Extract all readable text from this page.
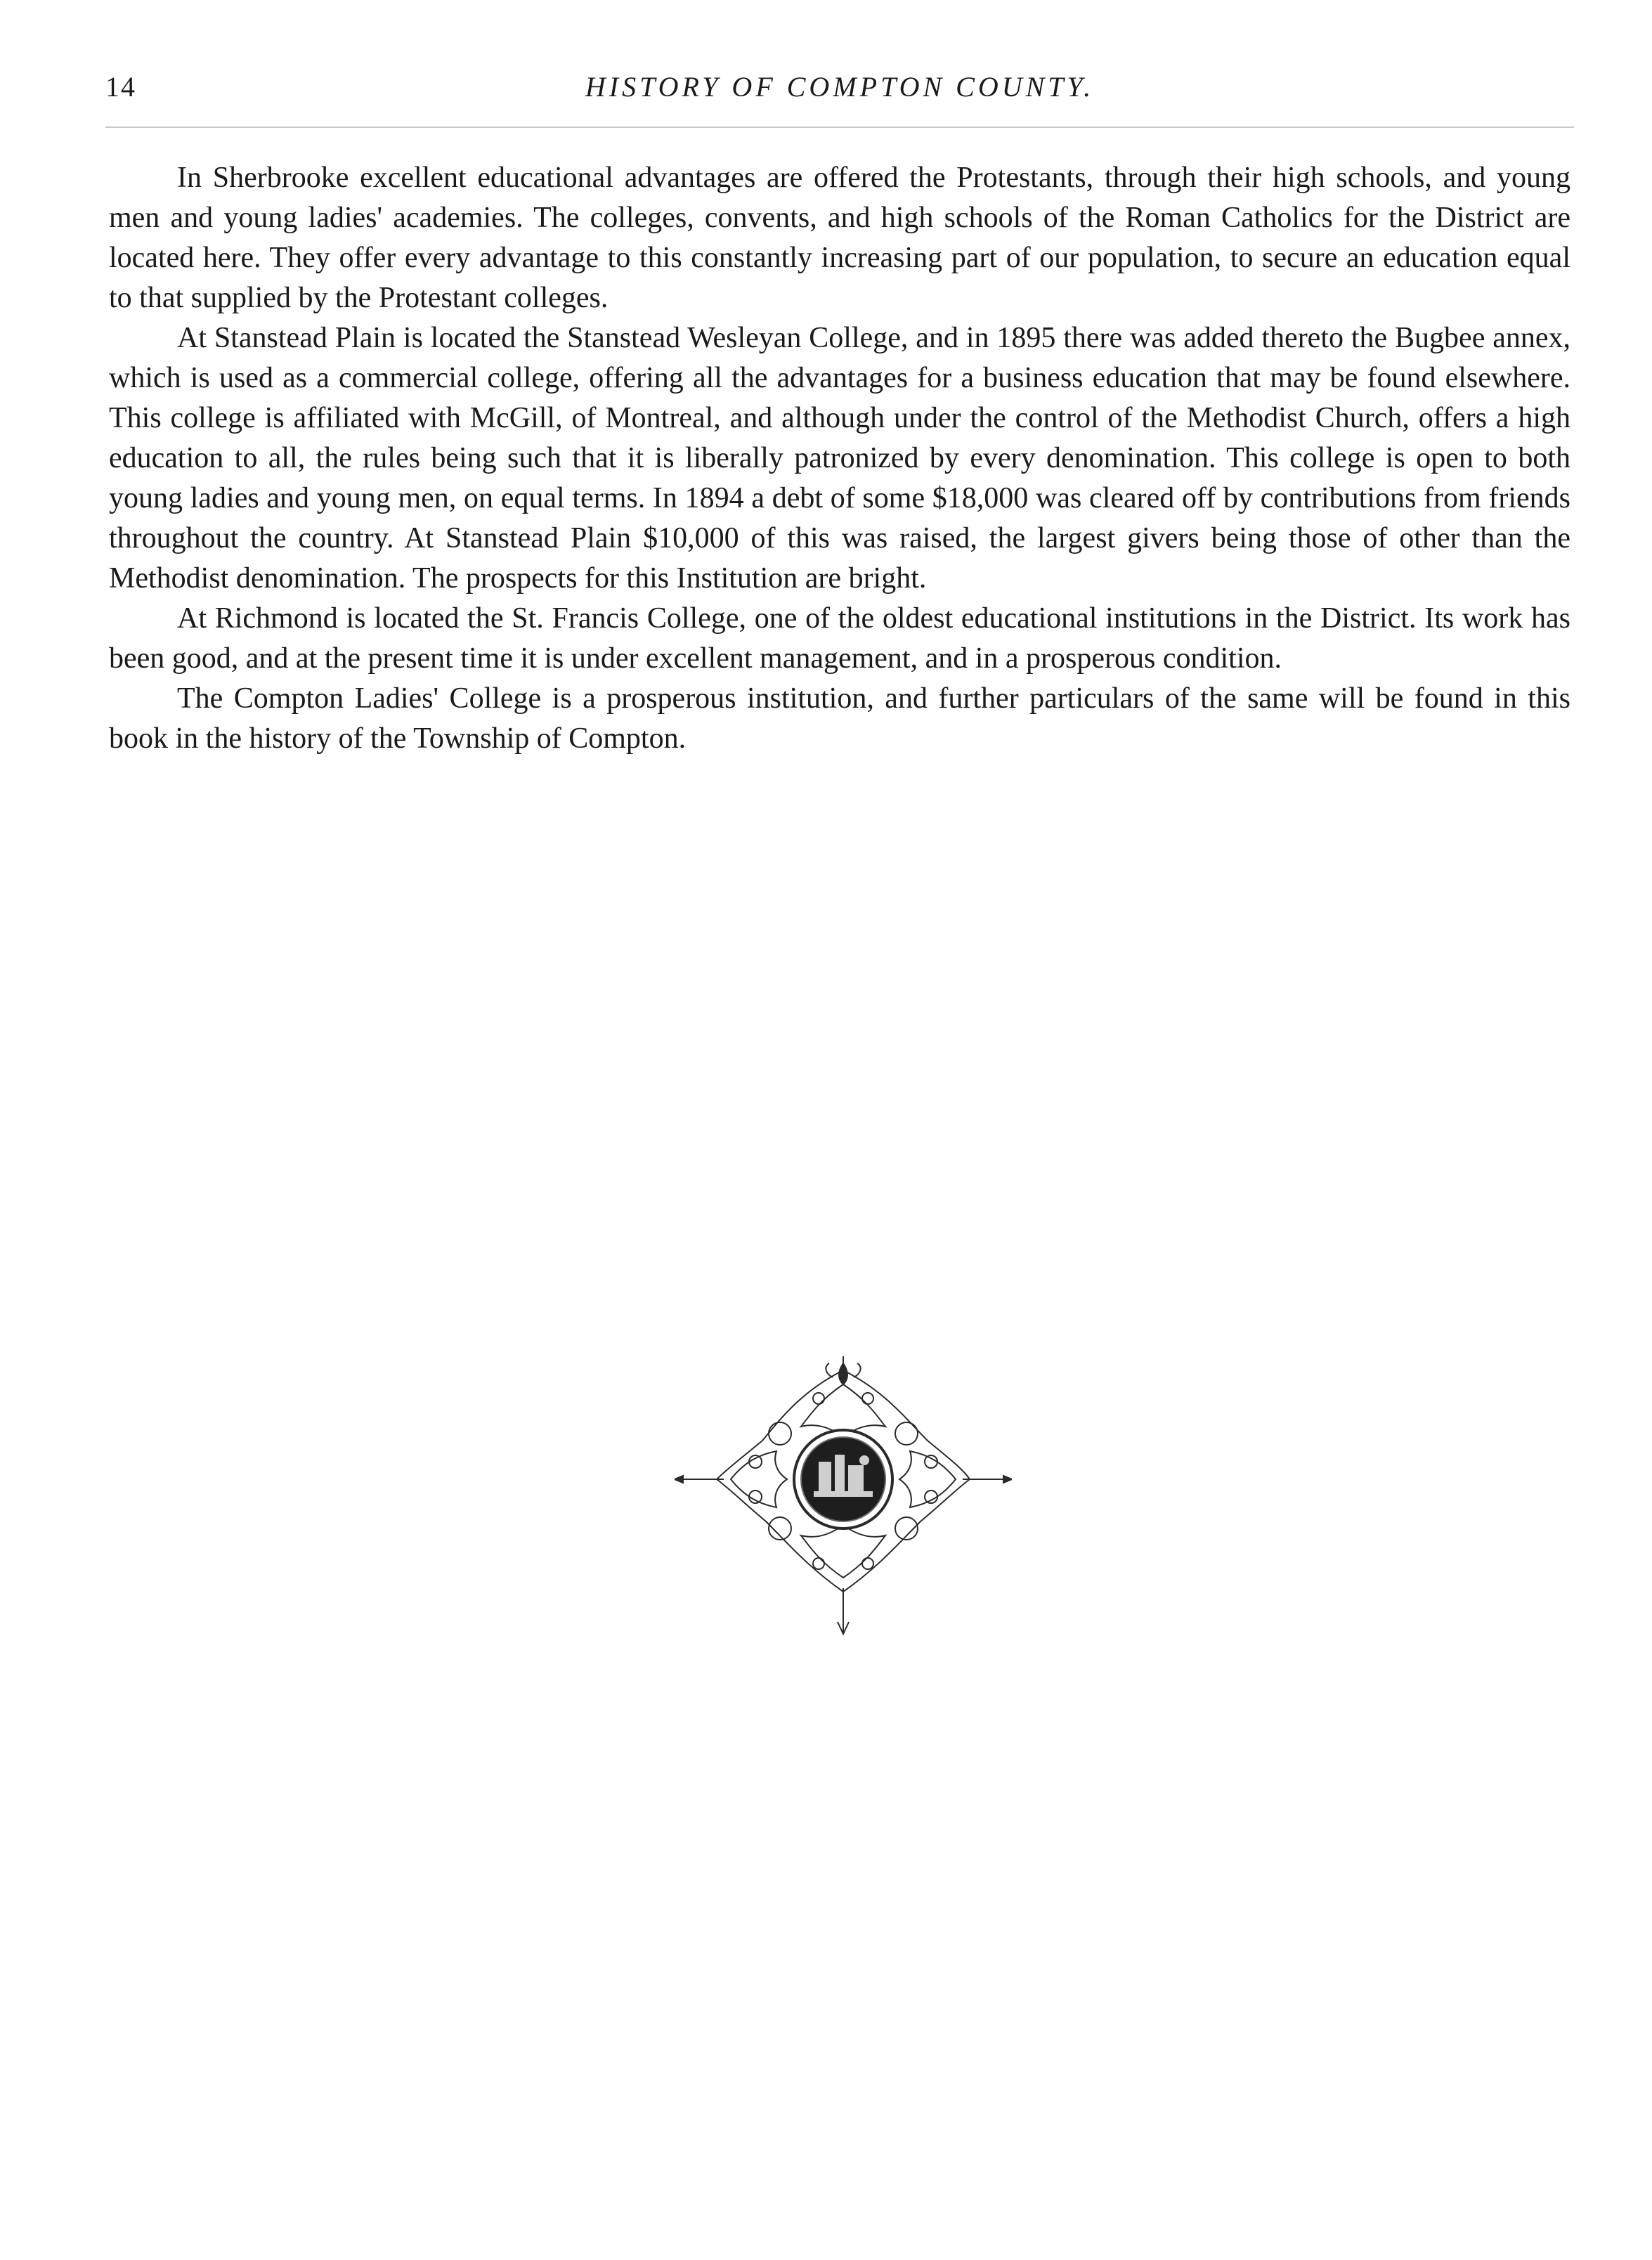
14	HISTORY OF COMPTON COUNTY.

In Sherbrooke excellent educational advantages are offered the Protestants, through their high schools, and young men and young ladies' academies. The colleges, convents, and high schools of the Roman Catholics for the District are located here. They offer every advantage to this constantly increasing part of our population, to secure an education equal to that supplied by the Protestant colleges.

At Stanstead Plain is located the Stanstead Wesleyan College, and in 1895 there was added thereto the Bugbee annex, which is used as a commercial college, offering all the advantages for a business education that may be found elsewhere. This college is affiliated with McGill, of Montreal, and although under the control of the Methodist Church, offers a high education to all, the rules being such that it is liberally patronized by every denomination. This college is open to both young ladies and young men, on equal terms. In 1894 a debt of some $18,000 was cleared off by contributions from friends throughout the country. At Stanstead Plain $10,000 of this was raised, the largest givers being those of other than the Methodist denomination. The prospects for this Institution are bright.

At Richmond is located the St. Francis College, one of the oldest educational institutions in the District. Its work has been good, and at the present time it is under excellent management, and in a prosperous condition.

The Compton Ladies' College is a prosperous institution, and further particulars of the same will be found in this book in the history of the Township of Compton.
